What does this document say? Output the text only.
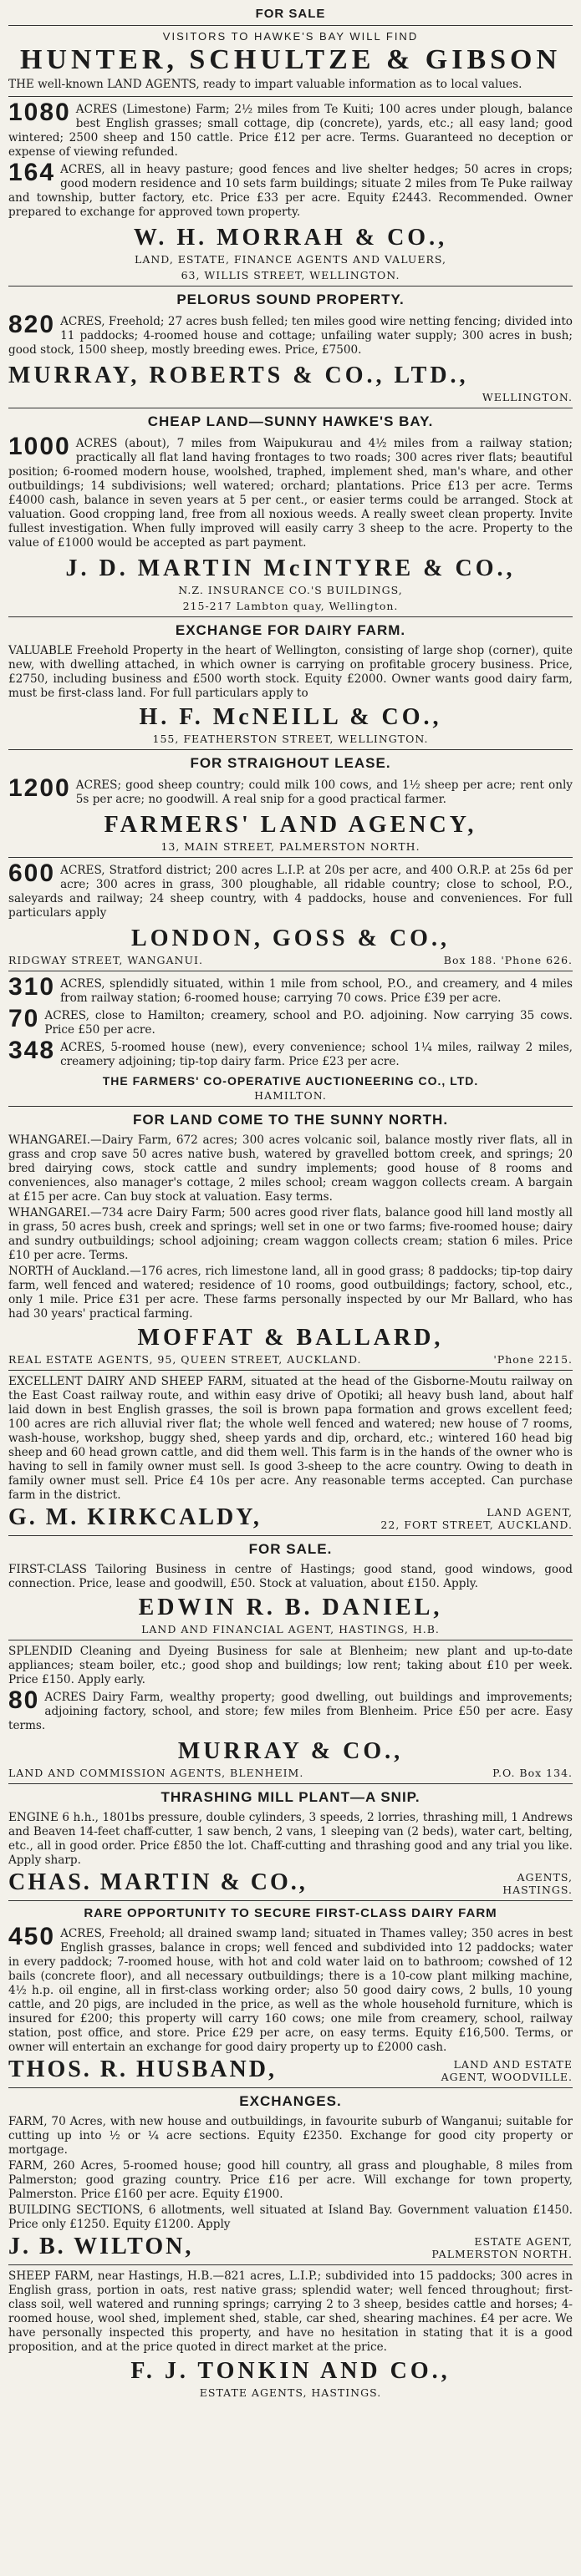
FOR SALE
VISITORS TO HAWKE'S BAY WILL FIND
HUNTER, SCHULTZE & GIBSON

THE well-known LAND AGENTS, ready to impart valuable information as to local values.

1080 ACRES (Limestone) Farm; 2½ miles from Te Kuiti; 100 acres under plough, balance best English grasses; small cottage, dip (concrete), yards, etc.; all easy land; good wintered; 2500 sheep and 150 cattle. Price £12 per acre. Terms. Guaranteed no deception or expense of viewing refunded.

164 ACRES, all in heavy pasture; good fences and live shelter hedges; 50 acres in crops; good modern residence and 10 sets farm buildings; situate 2 miles from Te Puke railway and township, butter factory, etc. Price £33 per acre. Equity £2443. Recommended. Owner prepared to exchange for approved town property.

W. H. MORRAH & CO.,
LAND, ESTATE, FINANCE AGENTS AND VALUERS,
63, WILLIS STREET, WELLINGTON.
PELORUS SOUND PROPERTY.
820 ACRES, Freehold; 27 acres bush felled; ten miles good wire netting fencing; divided into 11 paddocks; 4-roomed house and cottage; unfailing water supply; 300 acres in bush; good stock, 1500 sheep, mostly breeding ewes. Price, £7500.

MURRAY, ROBERTS & CO., LTD.,
WELLINGTON.
CHEAP LAND—SUNNY HAWKE'S BAY.
1000 ACRES (about), 7 miles from Waipukurau and 4½ miles from a railway station; practically all flat land having frontages to two roads; 300 acres river flats; beautiful position; 6-roomed modern house, woolshed, traphed, implement shed, man's whare, and other outbuildings; 14 subdivisions; well watered; orchard; plantations. Price £13 per acre. Terms £4000 cash, balance in seven years at 5 per cent., or easier terms could be arranged. Stock at valuation. Good cropping land, free from all noxious weeds. A really sweet clean property. Invite fullest investigation. When fully improved will easily carry 3 sheep to the acre. Property to the value of £1000 would be accepted as part payment.

J. D. MARTIN McINTYRE & CO.,
N.Z. INSURANCE CO.'S BUILDINGS,
215-217 Lambton quay, Wellington.
EXCHANGE FOR DAIRY FARM.

VALUABLE Freehold Property in the heart of Wellington, consisting of large shop (corner), quite new, with dwelling attached, in which owner is carrying on profitable grocery business. Price, £2750, including business and £500 worth stock. Equity £2000. Owner wants good dairy farm, must be first-class land. For full particulars apply to

H. F. McNEILL & CO.,
155, FEATHERSTON STREET, WELLINGTON.
FOR STRAIGHOUT LEASE.
1200 ACRES; good sheep country; could milk 100 cows, and 1½ sheep per acre; rent only 5s per acre; no goodwill. A real snip for a good practical farmer.

FARMERS' LAND AGENCY,
13, MAIN STREET, PALMERSTON NORTH.
600 ACRES, Stratford district; 200 acres L.I.P. at 20s per acre, and 400 O.R.P. at 25s 6d per acre; 300 acres in grass, 300 ploughable, all ridable country; close to school, P.O., saleyards and railway; 24 sheep country, with 4 paddocks, house and conveniences. For full particulars apply

LONDON, GOSS & CO.,
RIDGWAY STREET, WANGANUI.	Box 188. 'Phone 626.
310 ACRES, splendidly situated, within 1 mile from school, P.O., and creamery, and 4 miles from railway station; 6-roomed house; carrying 70 cows. Price £39 per acre.

70 ACRES, close to Hamilton; creamery, school and P.O. adjoining. Now carrying 35 cows. Price £50 per acre.

348 ACRES, 5-roomed house (new), every convenience; school 1¼ miles, railway 2 miles, creamery adjoining; tip-top dairy farm. Price £23 per acre.

THE FARMERS' CO-OPERATIVE AUCTIONEERING CO., LTD.
HAMILTON.
FOR LAND COME TO THE SUNNY NORTH.

WHANGAREI.—Dairy Farm, 672 acres; 300 acres volcanic soil, balance mostly river flats, all in grass and crop save 50 acres native bush, watered by gravelled bottom creek, and springs; 20 bred dairying cows, stock cattle and sundry implements; good house of 8 rooms and conveniences, also manager's cottage, 2 miles school; cream waggon collects cream. A bargain at £15 per acre. Can buy stock at valuation. Easy terms.

WHANGAREI.—734 acre Dairy Farm; 500 acres good river flats, balance good hill land mostly all in grass, 50 acres bush, creek and springs; well set in one or two farms; five-roomed house; dairy and sundry outbuildings; school adjoining; cream waggon collects cream; station 6 miles. Price £10 per acre. Terms.

NORTH of Auckland.—176 acres, rich limestone land, all in good grass; 8 paddocks; tip-top dairy farm, well fenced and watered; residence of 10 rooms, good outbuildings; factory, school, etc., only 1 mile. Price £31 per acre. These farms personally inspected by our Mr Ballard, who has had 30 years' practical farming.

MOFFAT & BALLARD,
REAL ESTATE AGENTS, 95, QUEEN STREET, AUCKLAND.	'Phone 2215.

EXCELLENT DAIRY AND SHEEP FARM, situated at the head of the Gisborne-Moutu railway on the East Coast railway route, and within easy drive of Opotiki; all heavy bush land, about half laid down in best English grasses, the soil is brown papa formation and grows excellent feed; 100 acres are rich alluvial river flat; the whole well fenced and watered; new house of 7 rooms, wash-house, workshop, buggy shed, sheep yards and dip, orchard, etc.; wintered 160 head big sheep and 60 head grown cattle, and did them well. This farm is in the hands of the owner who is having to sell in family owner must sell. Is good 3-sheep to the acre country. Owing to death in family owner must sell. Price £4 10s per acre. Any reasonable terms accepted. Can purchase farm in the district.

G. M. KIRKCALDY,	LAND AGENT,
22, FORT STREET, AUCKLAND.
FOR SALE.

FIRST-CLASS Tailoring Business in centre of Hastings; good stand, good windows, good connection. Price, lease and goodwill, £50. Stock at valuation, about £150. Apply.

EDWIN R. B. DANIEL,
LAND AND FINANCIAL AGENT, HASTINGS, H.B.

SPLENDID Cleaning and Dyeing Business for sale at Blenheim; new plant and up-to-date appliances; steam boiler, etc.; good shop and buildings; low rent; taking about £10 per week. Price £150. Apply early.

80 ACRES Dairy Farm, wealthy property; good dwelling, out buildings and improvements; adjoining factory, school, and store; few miles from Blenheim. Price £50 per acre. Easy terms.

MURRAY & CO.,
LAND AND COMMISSION AGENTS, BLENHEIM.	P.O. Box 134.
THRASHING MILL PLANT—A SNIP.

ENGINE 6 h.h., 1801bs pressure, double cylinders, 3 speeds, 2 lorries, thrashing mill, 1 Andrews and Beaven 14-feet chaff-cutter, 1 saw bench, 2 vans, 1 sleeping van (2 beds), water cart, belting, etc., all in good order. Price £850 the lot. Chaff-cutting and thrashing good and any trial you like. Apply sharp.

CHAS. MARTIN & CO.,	AGENTS,
HASTINGS.
RARE OPPORTUNITY TO SECURE FIRST-CLASS DAIRY FARM
450 ACRES, Freehold; all drained swamp land; situated in Thames valley; 350 acres in best English grasses, balance in crops; well fenced and subdivided into 12 paddocks; water in every paddock; 7-roomed house, with hot and cold water laid on to bathroom; cowshed of 12 bails (concrete floor), and all necessary outbuildings; there is a 10-cow plant milking machine, 4½ h.p. oil engine, all in first-class working order; also 50 good dairy cows, 2 bulls, 10 young cattle, and 20 pigs, are included in the price, as well as the whole household furniture, which is insured for £200; this property will carry 160 cows; one mile from creamery, school, railway station, post office, and store. Price £29 per acre, on easy terms. Equity £16,500. Terms, or owner will entertain an exchange for good dairy property up to £2000 cash.

THOS. R. HUSBAND,	LAND AND ESTATE
AGENT, WOODVILLE.
EXCHANGES.

FARM, 70 Acres, with new house and outbuildings, in favourite suburb of Wanganui; suitable for cutting up into ½ or ¼ acre sections. Equity £2350. Exchange for good city property or mortgage.

FARM, 260 Acres, 5-roomed house; good hill country, all grass and ploughable, 8 miles from Palmerston; good grazing country. Price £16 per acre. Will exchange for town property, Palmerston. Price £160 per acre. Equity £1900.

BUILDING SECTIONS, 6 allotments, well situated at Island Bay. Government valuation £1450. Price only £1250. Equity £1200. Apply

J. B. WILTON,	ESTATE AGENT,
PALMERSTON NORTH.

SHEEP FARM, near Hastings, H.B.—821 acres, L.I.P.; subdivided into 15 paddocks; 300 acres in English grass, portion in oats, rest native grass; splendid water; well fenced throughout; first-class soil, well watered and running springs; carrying 2 to 3 sheep, besides cattle and horses; 4-roomed house, wool shed, implement shed, stable, car shed, shearing machines. £4 per acre. We have personally inspected this property, and have no hesitation in stating that it is a good proposition, and at the price quoted in direct market at the price.

F. J. TONKIN AND CO.,
ESTATE AGENTS, HASTINGS.
